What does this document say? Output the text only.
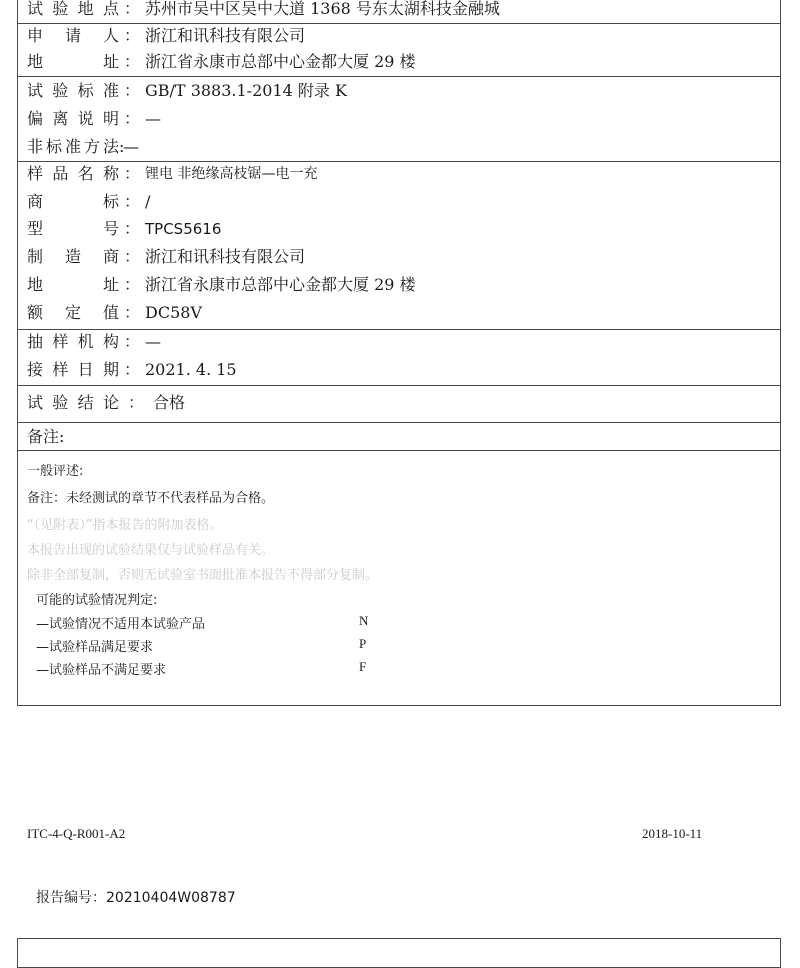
试验地点 ： 苏州市吴中区吴中大道 1368 号东太湖科技金融城
申 请 人 ： 浙江和讯科技有限公司
地　　址 ： 浙江省永康市总部中心金都大厦 29 楼
试验标准 ： GB/T 3883.1-2014 附录 K
偏离说明 ： —
非标准方法 :
—
样品名称 ： 锂电 非绝缘高枝锯—电一充
商　　标 ： /
型　　号 ： TPCS5616
制 造 商 ： 浙江和讯科技有限公司
地　　址 ： 浙江省永康市总部中心金都大厦 29 楼
额 定 值 ： DC58V
抽样机构 ： —
接样日期 ： 2021. 4. 15
试验结论 ： 合格
备注:
一般评述:
备注：未经测试的章节不代表样品为合格。
“（见附表）”指本报告的附加表格。
本报告出现的试验结果仅与试验样品有关。
除非全部复制，否则无试验室书面批准本报告不得部分复制。
可能的试验情况判定:
—试验情况不适用本试验产品	N
—试验样品满足要求	P
—试验样品不满足要求	F
ITC-4-Q-R001-A2	2018-10-11
报告编号：20210404W08787
